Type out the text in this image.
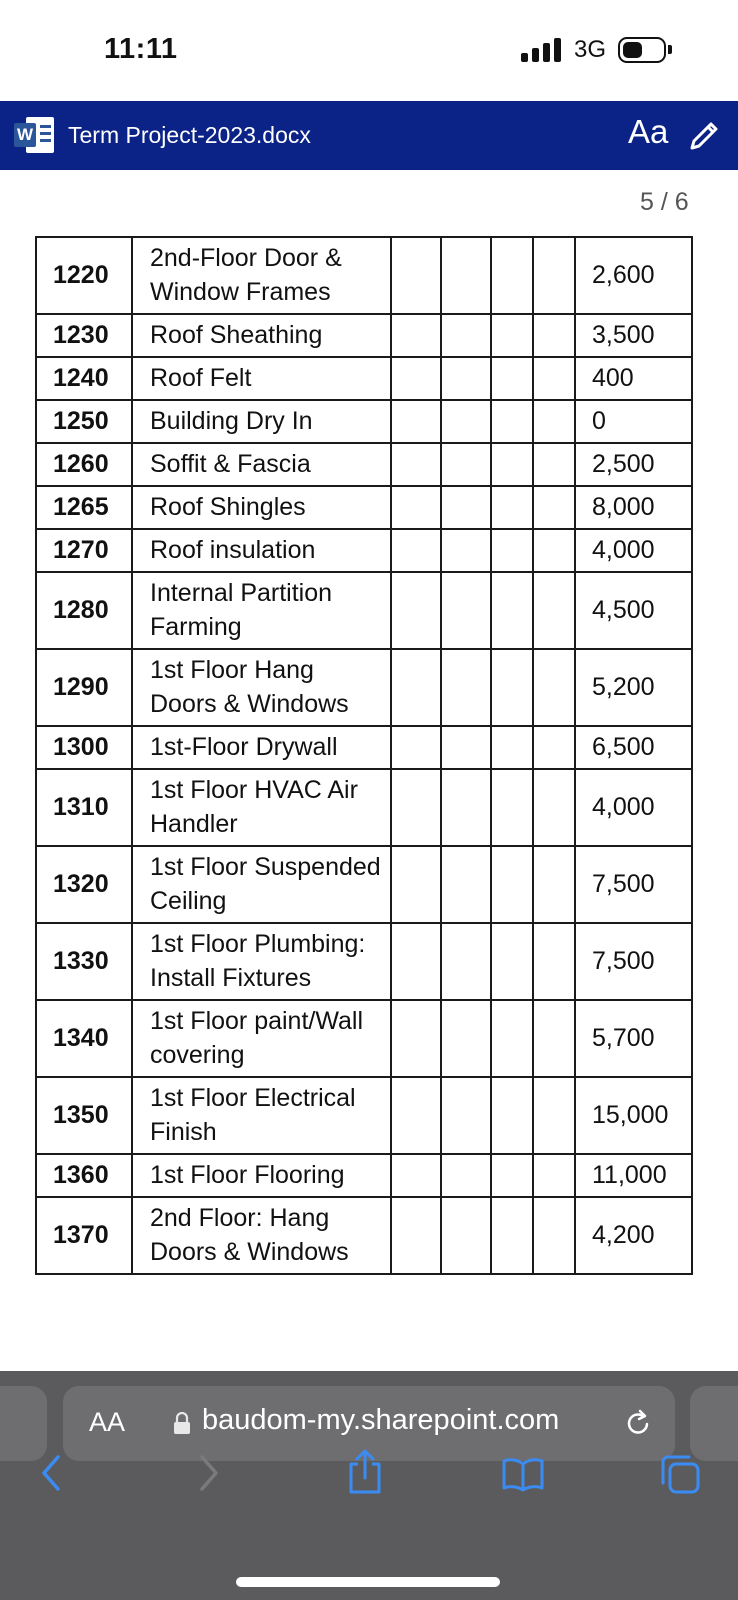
11:11	3G
W Term Project-2023.docx	Aa
5 / 6
1220	2nd-Floor Door & Window Frames					2,600
1230	Roof Sheathing					3,500
1240	Roof Felt					400
1250	Building Dry In					0
1260	Soffit & Fascia					2,500
1265	Roof Shingles					8,000
1270	Roof insulation					4,000
1280	Internal Partition Farming					4,500
1290	1st Floor Hang Doors & Windows					5,200
1300	1st-Floor Drywall					6,500
1310	1st Floor HVAC Air Handler					4,000
1320	1st Floor Suspended Ceiling					7,500
1330	1st Floor Plumbing: Install Fixtures					7,500
1340	1st Floor paint/Wall covering					5,700
1350	1st Floor Electrical Finish					15,000
1360	1st Floor Flooring					11,000
1370	2nd Floor: Hang Doors & Windows					4,200
AA	baudom-my.sharepoint.com
